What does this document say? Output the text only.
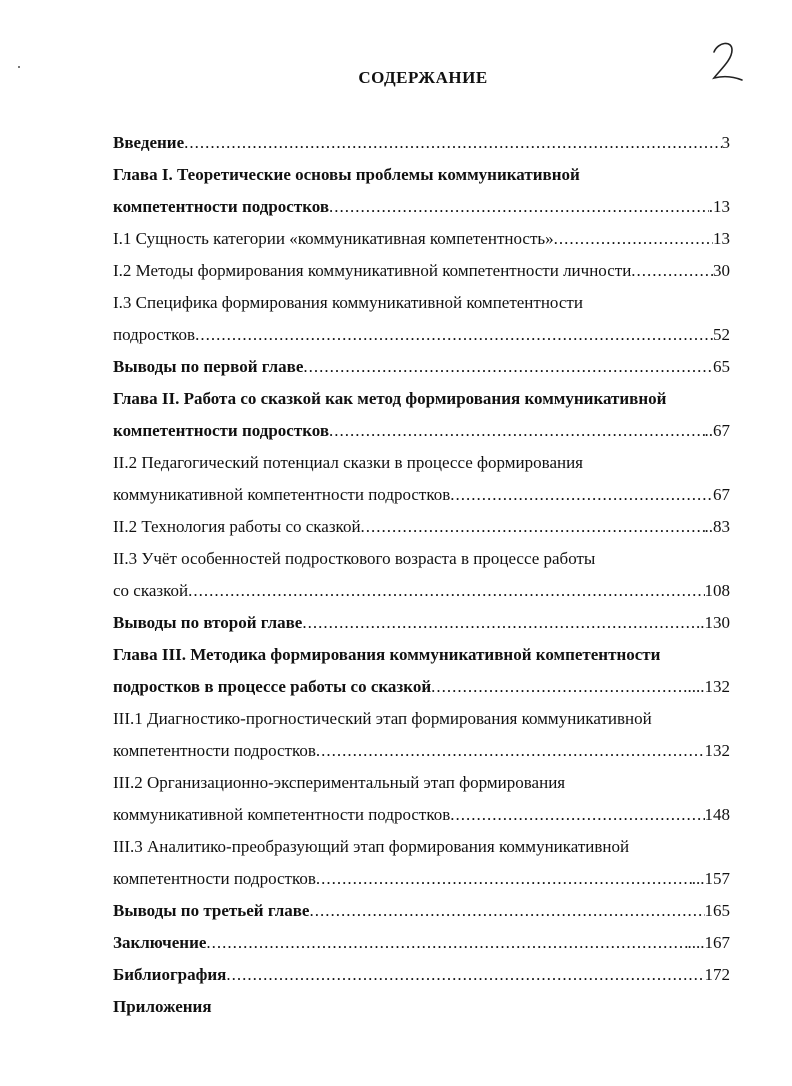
СОДЕРЖАНИЕ
Введение .....	3
Глава I. Теоретические основы проблемы коммуникативной
компетентности подростков .....	.13
I.1 Сущность категории «коммуникативная компетентность» .....	13
I.2 Методы формирования коммуникативной компетентности личности .....	30
I.3 Специфика формирования коммуникативной компетентности
подростков .....	52
Выводы по первой главе .....	65
Глава II. Работа со сказкой как метод формирования коммуникативной
компетентности подростков .....	..67
II.2 Педагогический потенциал сказки в процессе формирования
коммуникативной компетентности подростков .....	67
II.2 Технология работы со сказкой .....	..83
II.3 Учёт особенностей подросткового возраста в процессе работы
со сказкой .....	108
Выводы по второй главе .....	..130
Глава III. Методика формирования коммуникативной компетентности
подростков в процессе работы со сказкой .....	....132
III.1 Диагностико-прогностический этап формирования коммуникативной
компетентности подростков .....	132
III.2 Организационно-экспериментальный этап формирования
коммуникативной компетентности подростков .....	148
III.3 Аналитико-преобразующий этап формирования коммуникативной
компетентности подростков .....	...157
Выводы по третьей главе .....	165
Заключение .....	....167
Библиография .....	172
Приложения
